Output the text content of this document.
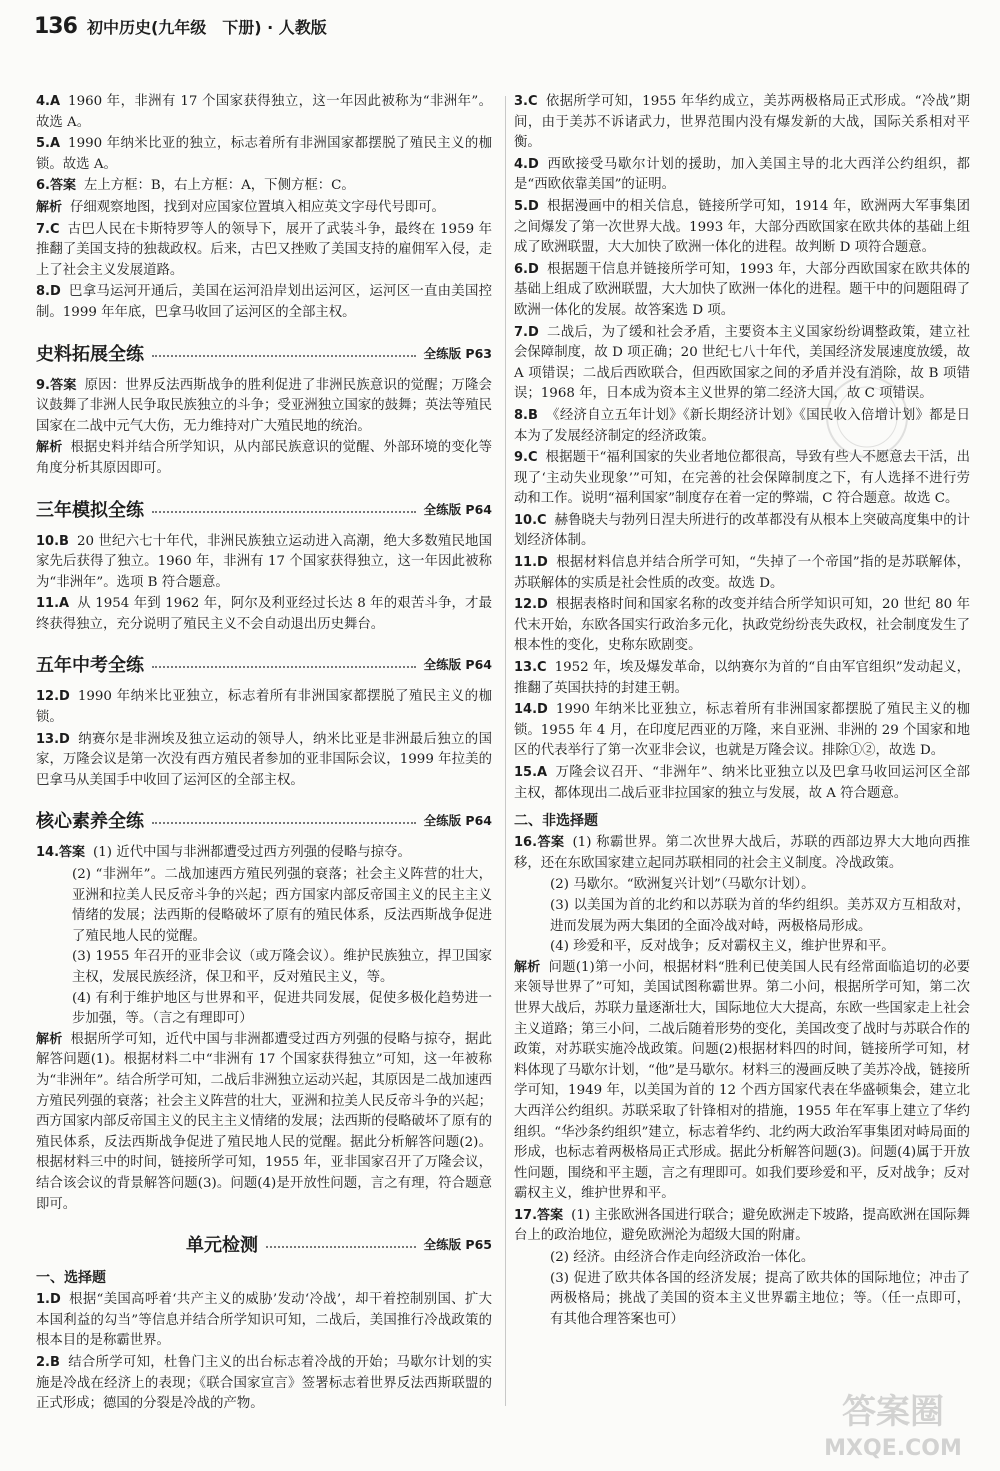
136 初中历史(九年级　下册) · 人教版
4.A 1960 年，非洲有 17 个国家获得独立，这一年因此被称为“非洲年”。故选 A。
5.A 1990 年纳米比亚的独立，标志着所有非洲国家都摆脱了殖民主义的枷锁。故选 A。
6.答案 左上方框：B，右上方框：A，下侧方框：C。
解析 仔细观察地图，找到对应国家位置填入相应英文字母代号即可。
7.C 古巴人民在卡斯特罗等人的领导下，展开了武装斗争，最终在 1959 年推翻了美国支持的独裁政权。后来，古巴又挫败了美国支持的雇佣军入侵，走上了社会主义发展道路。
8.D 巴拿马运河开通后，美国在运河沿岸划出运河区，运河区一直由美国控制。1999 年年底，巴拿马收回了运河区的全部主权。
史料拓展全练	全练版 P63
9.答案 原因：世界反法西斯战争的胜利促进了非洲民族意识的觉醒；万隆会议鼓舞了非洲人民争取民族独立的斗争；受亚洲独立国家的鼓舞；英法等殖民国家在二战中元气大伤，无力维持对广大殖民地的统治。
解析 根据史料并结合所学知识，从内部民族意识的觉醒、外部环境的变化等角度分析其原因即可。
三年模拟全练	全练版 P64
10.B 20 世纪六七十年代，非洲民族独立运动进入高潮，绝大多数殖民地国家先后获得了独立。1960 年，非洲有 17 个国家获得独立，这一年因此被称为“非洲年”。选项 B 符合题意。
11.A 从 1954 年到 1962 年，阿尔及利亚经过长达 8 年的艰苦斗争，才最终获得独立，充分说明了殖民主义不会自动退出历史舞台。
五年中考全练	全练版 P64
12.D 1990 年纳米比亚独立，标志着所有非洲国家都摆脱了殖民主义的枷锁。
13.D 纳赛尔是非洲埃及独立运动的领导人，纳米比亚是非洲最后独立的国家，万隆会议是第一次没有西方殖民者参加的亚非国际会议，1999 年拉美的巴拿马从美国手中收回了运河区的全部主权。
核心素养全练	全练版 P64
14.答案 (1) 近代中国与非洲都遭受过西方列强的侵略与掠夺。
(2) “非洲年”。二战加速西方殖民列强的衰落；社会主义阵营的壮大，亚洲和拉美人民反帝斗争的兴起；西方国家内部反帝国主义的民主主义情绪的发展；法西斯的侵略破坏了原有的殖民体系，反法西斯战争促进了殖民地人民的觉醒。
(3) 1955 年召开的亚非会议（或万隆会议）。维护民族独立，捍卫国家主权，发展民族经济，保卫和平，反对殖民主义，等。
(4) 有利于维护地区与世界和平，促进共同发展，促使多极化趋势进一步加强，等。（言之有理即可）
解析 根据所学可知，近代中国与非洲都遭受过西方列强的侵略与掠夺，据此解答问题(1)。根据材料二中“非洲有 17 个国家获得独立”可知，这一年被称为“非洲年”。结合所学可知，二战后非洲独立运动兴起，其原因是二战加速西方殖民列强的衰落；社会主义阵营的壮大，亚洲和拉美人民反帝斗争的兴起；西方国家内部反帝国主义的民主主义情绪的发展；法西斯的侵略破坏了原有的殖民体系，反法西斯战争促进了殖民地人民的觉醒。据此分析解答问题(2)。根据材料三中的时间，链接所学可知，1955 年，亚非国家召开了万隆会议，结合该会议的背景解答问题(3)。问题(4)是开放性问题，言之有理，符合题意即可。
单元检测	全练版 P65
一、选择题
1.D 根据“美国高呼着‘共产主义的威胁’发动‘冷战’，却干着控制别国、扩大本国利益的勾当”等信息并结合所学知识可知，二战后，美国推行冷战政策的根本目的是称霸世界。
2.B 结合所学可知，杜鲁门主义的出台标志着冷战的开始；马歇尔计划的实施是冷战在经济上的表现；《联合国家宣言》签署标志着世界反法西斯联盟的正式形成；德国的分裂是冷战的产物。
3.C 依据所学可知，1955 年华约成立，美苏两极格局正式形成。“冷战”期间，由于美苏不诉诸武力，世界范围内没有爆发新的大战，国际关系相对平衡。
4.D 西欧接受马歇尔计划的援助，加入美国主导的北大西洋公约组织，都是“西欧依靠美国”的证明。
5.D 根据漫画中的相关信息，链接所学可知，1914 年，欧洲两大军事集团之间爆发了第一次世界大战。1993 年，大部分西欧国家在欧共体的基础上组成了欧洲联盟，大大加快了欧洲一体化的进程。故判断 D 项符合题意。
6.D 根据题干信息并链接所学可知，1993 年，大部分西欧国家在欧共体的基础上组成了欧洲联盟，大大加快了欧洲一体化的进程。题干中的问题阻碍了欧洲一体化的发展。故答案选 D 项。
7.D 二战后，为了缓和社会矛盾，主要资本主义国家纷纷调整政策，建立社会保障制度，故 D 项正确；20 世纪七八十年代，美国经济发展速度放缓，故 A 项错误；二战后西欧联合，但西欧国家之间的矛盾并没有消除，故 B 项错误；1968 年，日本成为资本主义世界的第二经济大国，故 C 项错误。
8.B 《经济自立五年计划》《新长期经济计划》《国民收入倍增计划》都是日本为了发展经济制定的经济政策。
9.C 根据题干“福利国家的失业者地位都很高，导致有些人不愿意去干活，出现了‘主动失业现象’”可知，在完善的社会保障制度之下，有人选择不进行劳动和工作。说明“福利国家”制度存在着一定的弊端，C 符合题意。故选 C。
10.C 赫鲁晓夫与勃列日涅夫所进行的改革都没有从根本上突破高度集中的计划经济体制。
11.D 根据材料信息并结合所学可知，“失掉了一个帝国”指的是苏联解体，苏联解体的实质是社会性质的改变。故选 D。
12.D 根据表格时间和国家名称的改变并结合所学知识可知，20 世纪 80 年代末开始，东欧各国实行政治多元化，执政党纷纷丧失政权，社会制度发生了根本性的变化，史称东欧剧变。
13.C 1952 年，埃及爆发革命，以纳赛尔为首的“自由军官组织”发动起义，推翻了英国扶持的封建王朝。
14.D 1990 年纳米比亚独立，标志着所有非洲国家都摆脱了殖民主义的枷锁。1955 年 4 月，在印度尼西亚的万隆，来自亚洲、非洲的 29 个国家和地区的代表举行了第一次亚非会议，也就是万隆会议。排除①②，故选 D。
15.A 万隆会议召开、“非洲年”、纳米比亚独立以及巴拿马收回运河区全部主权，都体现出二战后亚非拉国家的独立与发展，故 A 符合题意。
二、非选择题
16.答案 (1) 称霸世界。第二次世界大战后，苏联的西部边界大大地向西推移，还在东欧国家建立起同苏联相同的社会主义制度。冷战政策。
(2) 马歇尔。“欧洲复兴计划”（马歇尔计划）。
(3) 以美国为首的北约和以苏联为首的华约组织。美苏双方互相敌对，进而发展为两大集团的全面冷战对峙，两极格局形成。
(4) 珍爱和平，反对战争；反对霸权主义，维护世界和平。
解析 问题(1)第一小问，根据材料“胜利已使美国人民有经常面临追切的必要来领导世界了”可知，美国试图称霸世界。第二小问，根据所学可知，第二次世界大战后，苏联力量逐渐壮大，国际地位大大提高，东欧一些国家走上社会主义道路；第三小问，二战后随着形势的变化，美国改变了战时与苏联合作的政策，对苏联实施冷战政策。问题(2)根据材料四的时间，链接所学可知，材料体现了马歇尔计划，“他”是马歇尔。材料三的漫画反映了美苏冷战，链接所学可知，1949 年，以美国为首的 12 个西方国家代表在华盛顿集会，建立北大西洋公约组织。苏联采取了针锋相对的措施，1955 年在军事上建立了华约组织。“华沙条约组织”建立，标志着华约、北约两大政治军事集团对峙局面的形成，也标志着两极格局正式形成。据此分析解答问题(3)。问题(4)属于开放性问题，围绕和平主题，言之有理即可。如我们要珍爱和平，反对战争；反对霸权主义，维护世界和平。
17.答案 (1) 主张欧洲各国进行联合；避免欧洲走下坡路，提高欧洲在国际舞台上的政治地位，避免欧洲沦为超级大国的附庸。
(2) 经济。由经济合作走向经济政治一体化。
(3) 促进了欧共体各国的经济发展；提高了欧共体的国际地位；冲击了两极格局；挑战了美国的资本主义世界霸主地位；等。（任一点即可，有其他合理答案也可）
答案圈
MXQE.COM
